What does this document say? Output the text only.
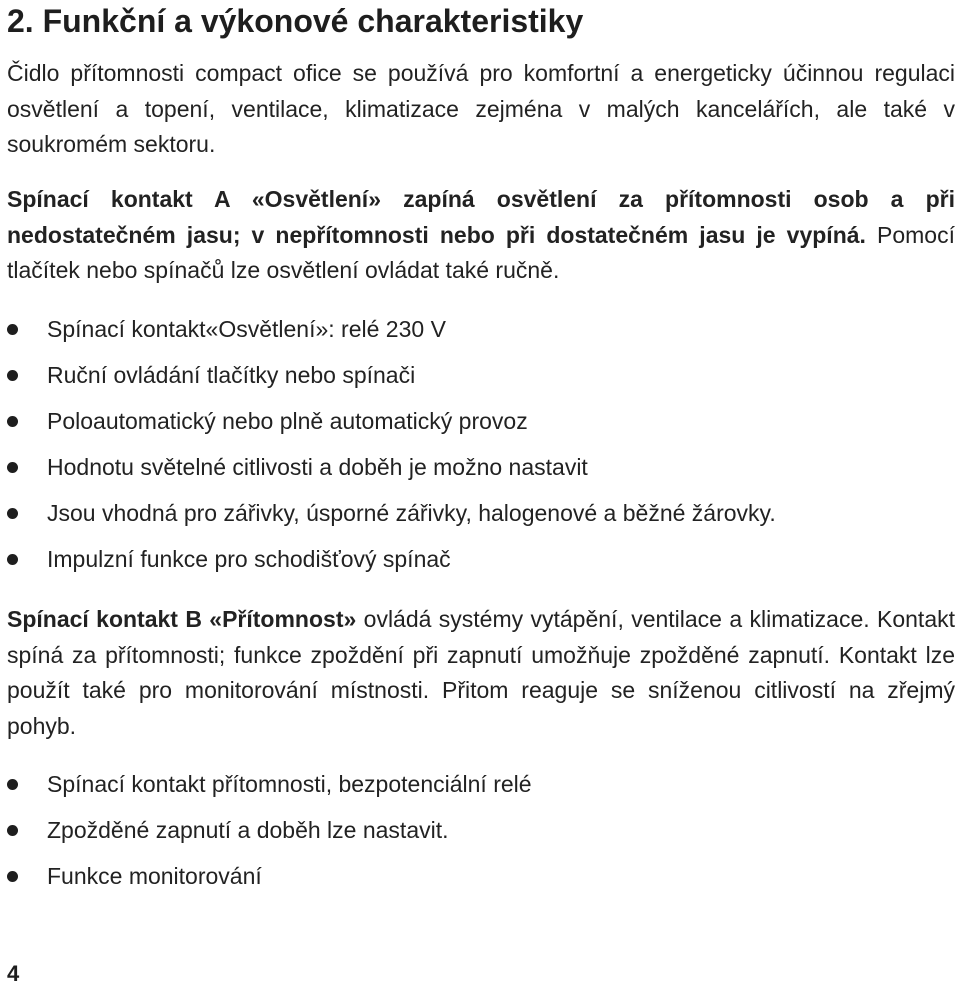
2. Funkční a výkonové charakteristiky

Čidlo přítomnosti compact ofice se používá pro komfortní a energeticky účinnou regulaci osvětlení a topení, ventilace, klimatizace zejména v malých kancelářích, ale také v soukromém sektoru.

Spínací kontakt A «Osvětlení» zapíná osvětlení za přítomnosti osob a při nedostatečném jasu; v nepřítomnosti nebo při dostatečném jasu je vypíná. Pomocí tlačítek nebo spínačů lze osvětlení ovládat také ručně.

Spínací kontakt«Osvětlení»: relé 230 V
Ruční ovládání tlačítky nebo spínači
Poloautomatický nebo plně automatický provoz
Hodnotu světelné citlivosti a doběh je možno nastavit
Jsou vhodná pro zářivky, úsporné zářivky, halogenové a běžné žárovky.
Impulzní funkce pro schodišťový spínač

Spínací kontakt B «Přítomnost» ovládá systémy vytápění, ventilace a klimatizace. Kontakt spíná za přítomnosti; funkce zpoždění při zapnutí umožňuje zpožděné zapnutí. Kontakt lze použít také pro monitorování místnosti. Přitom reaguje se sníženou citlivostí na zřejmý pohyb.

Spínací kontakt přítomnosti, bezpotenciální relé
Zpožděné zapnutí a doběh lze nastavit.
Funkce monitorování
4
